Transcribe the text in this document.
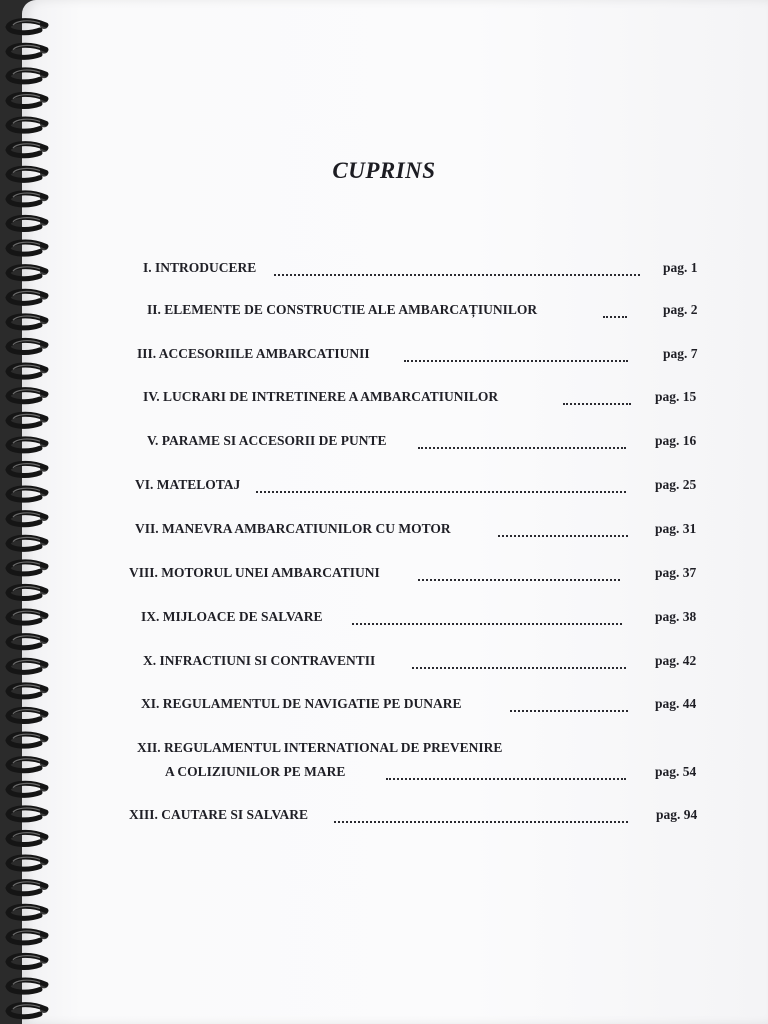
CUPRINS
I. INTRODUCERE	pag. 1
II. ELEMENTE DE CONSTRUCTIE ALE AMBARCAȚIUNILOR	pag. 2
III. ACCESORIILE AMBARCATIUNII	pag. 7
IV. LUCRARI DE INTRETINERE A AMBARCATIUNILOR	pag. 15
V. PARAME SI ACCESORII DE PUNTE	pag. 16
VI. MATELOTAJ	pag. 25
VII. MANEVRA AMBARCATIUNILOR CU MOTOR	pag. 31
VIII. MOTORUL UNEI AMBARCATIUNI	pag. 37
IX. MIJLOACE DE SALVARE	pag. 38
X. INFRACTIUNI SI CONTRAVENTII	pag. 42
XI. REGULAMENTUL DE NAVIGATIE PE DUNARE	pag. 44
XII. REGULAMENTUL INTERNATIONAL DE PREVENIRE
A COLIZIUNILOR PE MARE	pag. 54
XIII. CAUTARE SI SALVARE	pag. 94
